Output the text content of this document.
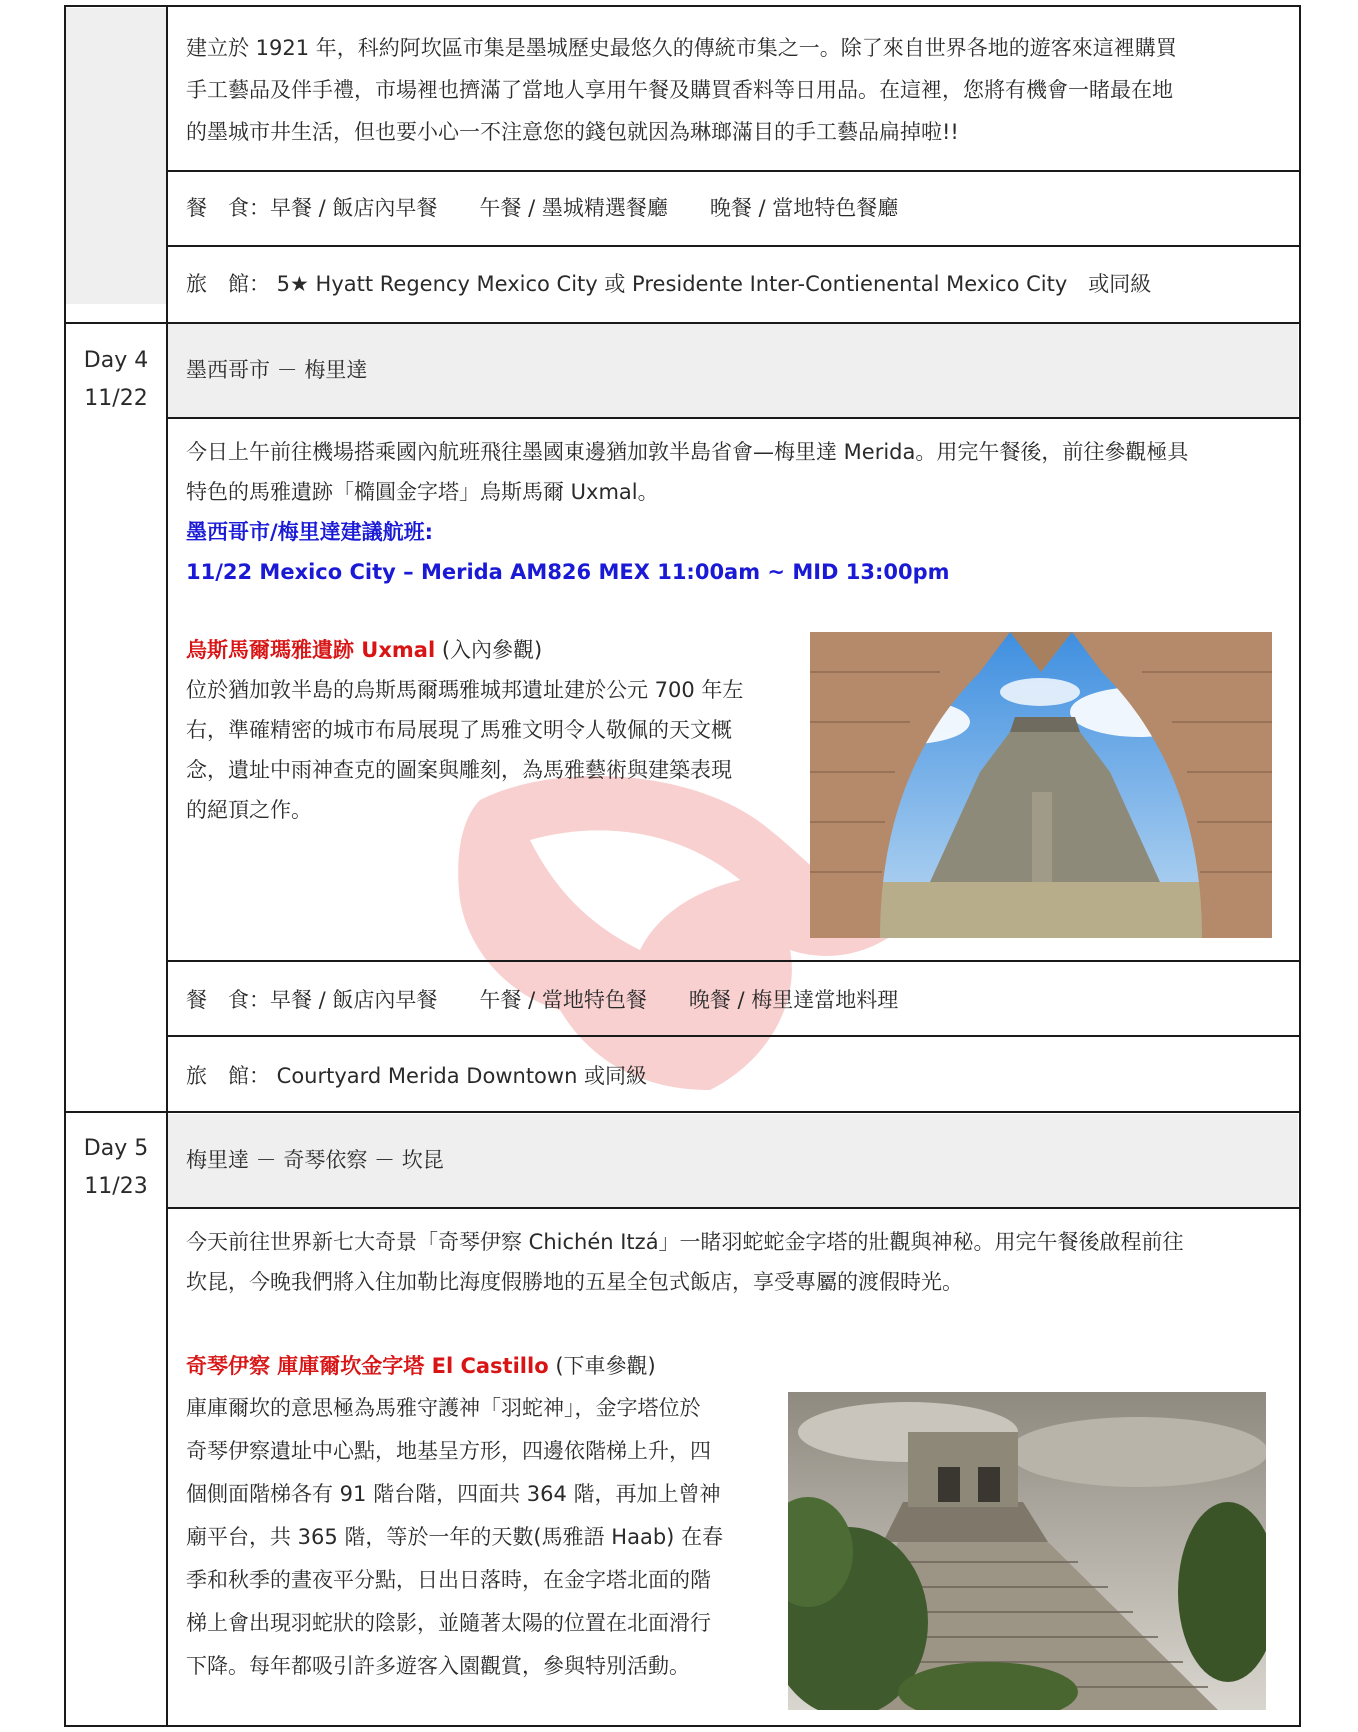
建立於 1921 年，科約阿坎區市集是墨城歷史最悠久的傳統市集之一。除了來自世界各地的遊客來這裡購買
手工藝品及伴手禮，市場裡也擠滿了當地人享用午餐及購買香料等日用品。在這裡，您將有機會一睹最在地
的墨城市井生活，但也要小心一不注意您的錢包就因為琳瑯滿目的手工藝品扁掉啦!!
餐　食：早餐 / 飯店內早餐　　午餐 / 墨城精選餐廳　　晚餐 / 當地特色餐廳
旅　館： 5★ Hyatt Regency Mexico City 或 Presidente Inter-Contienental Mexico City　或同級
Day 4
11/22
墨西哥市 － 梅里達
今日上午前往機場搭乘國內航班飛往墨國東邊猶加敦半島省會—梅里達 Merida。用完午餐後，前往參觀極具
特色的馬雅遺跡「橢圓金字塔」烏斯馬爾 Uxmal。
墨西哥市/梅里達建議航班:
11/22 Mexico City – Merida AM826 MEX 11:00am ~ MID 13:00pm
烏斯馬爾瑪雅遺跡 Uxmal (入內參觀)
位於猶加敦半島的烏斯馬爾瑪雅城邦遺址建於公元 700 年左
右，準確精密的城市布局展現了馬雅文明令人敬佩的天文概
念，遺址中雨神查克的圖案與雕刻，為馬雅藝術與建築表現
的絕頂之作。
餐　食：早餐 / 飯店內早餐　　午餐 / 當地特色餐　　晚餐 / 梅里達當地料理
旅　館： Courtyard Merida Downtown 或同級
Day 5
11/23
梅里達 － 奇琴依察 － 坎昆
今天前往世界新七大奇景「奇琴伊察 Chichén Itzá」一睹羽蛇蛇金字塔的壯觀與神秘。用完午餐後啟程前往
坎昆，今晚我們將入住加勒比海度假勝地的五星全包式飯店，享受專屬的渡假時光。
奇琴伊察 庫庫爾坎金字塔 El Castillo (下車參觀)
庫庫爾坎的意思極為馬雅守護神「羽蛇神」，金字塔位於
奇琴伊察遺址中心點，地基呈方形，四邊依階梯上升，四
個側面階梯各有 91 階台階，四面共 364 階，再加上曾神
廟平台，共 365 階，等於一年的天數(馬雅語 Haab) 在春
季和秋季的晝夜平分點，日出日落時，在金字塔北面的階
梯上會出現羽蛇狀的陰影，並隨著太陽的位置在北面滑行
下降。每年都吸引許多遊客入園觀賞，參與特別活動。
